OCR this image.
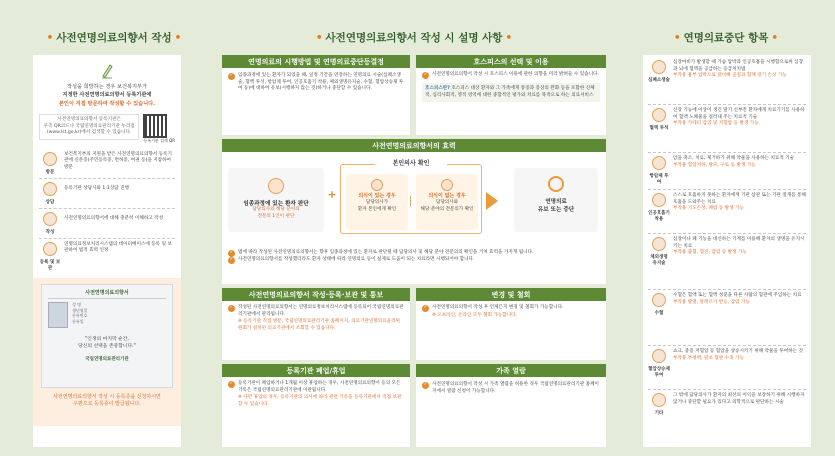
• 사전연명의료의향서 작성 •
작성을 희망하는 경우 보건복지부가
지정한 사전연명의료의향서 등록기관에
본인이 직접 방문하여 작성할 수 있습니다.
사전연명의료의향서 등록기관은
우측 QR코드나 국립연명의료관리기관 누리집
(www.lst.go.kr)에서 검색할 수 있습니다.
등록기관 검색 QR
방문
보건복지부의 지원을 받은 사전연명의료의향서 등록기관에 신분증(주민등록증, 면허증, 여권 등)을 지참하여 방문
상담
등록기관 상담사와 1:1상담 진행
작성
사전연명의료의향서에 대해 충분히 이해하고 작성
등록 및 보관
연명의료정보처리시스템의 데이터베이스에 등록 및 보관하여 법적 효력 인정
사전연명의료의향서
성 명
생년월일
등록번호
등록일
"인생의 마지막 순간,
당신의 선택을 존중합니다."
국립연명의료관리기관
사전연명의료의향서 작성 시 등록증을 신청하시면
우편으로 등록증이 발급됩니다.
• 사전연명의료의향서 작성 시 설명 사항 •
연명의료의 시행방법 및 연명의료중단등결정
✓	임종과정에 있는 환자가 되었을 때, 일정 기간을 연장하는 연명의료 시술(심폐소생술, 혈액 투석, 항암제 투여, 인공호흡기 착용, 체외생명유지술, 수혈, 혈압상승제 투여 등)에 대하여 유보(시행하지 않는 것)하거나 중단할 수 있습니다.
호스피스의 선택 및 이용
✓	사전연명의료의향서 작성 시 호스피스 이용에 관한 의향을 미리 밝혀둘 수 있습니다.
호스피스란? 호스피스 대상 환자와 그 가족에게 통증과 증상의 완화 등을 포함한 신체적, 심리사회적, 영적 영역에 대한 종합적인 평가와 치료를 목적으로 하는 의료서비스
사전연명의료의향서의 효력
본인의사 확인
임종과정에 있는 환자 판단
담당의사와 해당 분야의
전문의 1인이 판단
+	의식이 있는 경우
담당의사가
환자 본인에게 확인
의식이 없는 경우
담당의사와
해당 분야의 전문의가 확인
연명의료
유보 또는 중단
✓	법에 따라 작성된 사전연명의료의향서는 향후 임종과정에 있는 환자로 판단될 때 담당의사 및 해당 분야 전문의의 확인을 거쳐 효력을 가지게 됩니다.
✓	사전연명의료의향서를 작성했더라도 환자 상태에 따라 연명의료 등이 실제로 도움이 되는 치료라면 시행되어야 합니다.
사전연명의료의향서 작성·등록·보관 및 통보
✓	작성된 사전연명의료의향서는 연명의료정보처리시스템에 등록되어 국립연명의료관리기관에서 관리됩니다.
※ 등록기관 직접 방문, 국립연명의료관리기관 홈페이지, 의료기관연명의료윤리위원회가 설치된 의료기관에서 조회할 수 있습니다.
변경 및 철회
✓	사전연명의료의향서 작성 후 언제든지 변경 및 철회가 가능합니다.
※ 오프라인, 온라인 모두 철회 가능합니다.
등록기관 폐업/휴업
✓	등록기관이 폐업하거나 1개월 이상 휴업하는 경우, 사전연명의료의향서 등의 모든 기록은 국립연명의료관리기관에 이관됩니다.
※ 다만 휴업의 경우, 등록기관의 의사에 따라 관련 기록을 등록기관에서 직접 보관할 수 있습니다.
가족 열람
✓	사전연명의료의향서 작성 시 가족 열람을 허용한 경우 국립연명의료관리기관 홈페이지에서 열람 신청이 가능합니다.
• 연명의료중단 항목 •
심폐소생술
심장마비가 발생할 때 가슴 압박과 인공호흡을 시행함으로써 심장과 뇌에 혈액을 공급하는 응급처치법
부작용 흉부 압박으로 갈비뼈 골절과 함께 장기 손상 가능
혈액 투석
신장 기능에 이상이 생긴 말기 신부전 환자에게 치료기기를 사용하여 혈액 노폐물을 걸러내 주는 치료적 기술
부작용 카테터 감염 및 저혈압 등 발생 가능
항암제 투여
암을 축소, 치료, 제거하기 위해 약물을 사용하는 치료적 기술
부작용 혈압저하, 탈모, 구토 등 발생 가능
인공호흡기 착용
스스로 호흡하지 못하는 환자에게 기관 삽관 또는 기관 절개를 통해 호흡을 도와주는 치료
부작용 기도손상, 폐렴 등 발생 가능
체외생명 유지술
심장이나 폐 기능을 대신하는 기계를 이용해 환자의 생명을 유지시키는 치료
부작용 출혈, 혈전, 감염 등 발생 가능
수혈
수혈은 혈액 또는 혈액 성분을 다른 사람의 혈관에 주입하는 치료
부작용 발열, 알레르기 반응, 감염 가능
혈압상승제 투여
쇼크, 중증 저혈압 등 혈압을 상승시키기 위해 약물을 투여하는 것
부작용 부정맥, 말초 혈관 수축 가능
기타
그 밖에 담당의사가 환자의 최선의 이익을 보장하기 위해 시행하지 않거나 중단할 필요가 있다고 의학적으로 판단하는 시술
